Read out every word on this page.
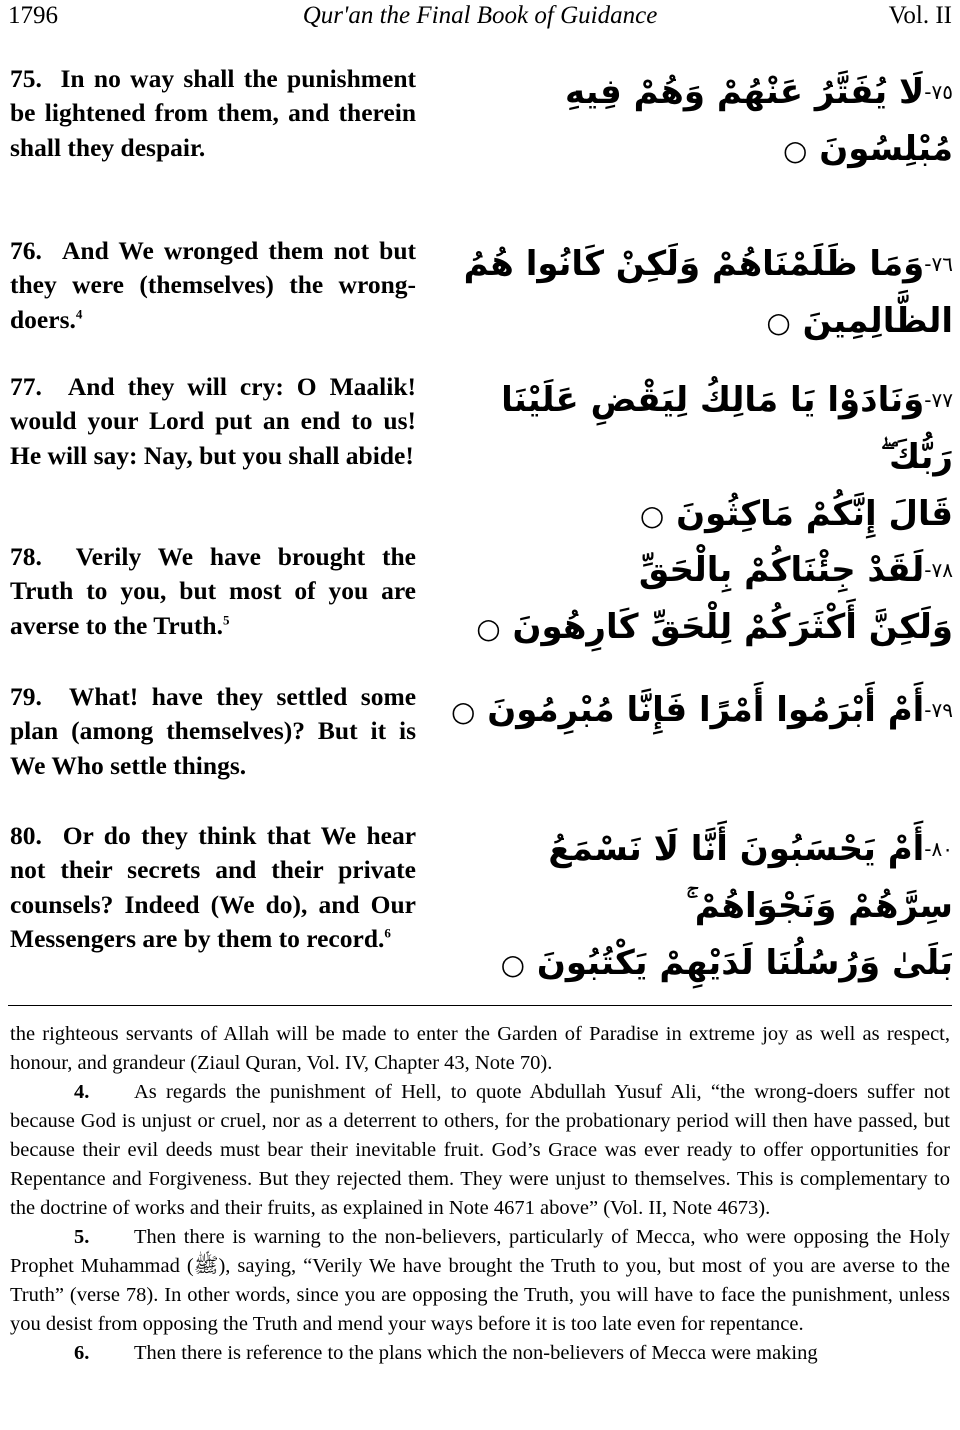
1796	Qur'an the Final Book of Guidance	Vol. II
75. In no way shall the punishment be lightened from them, and therein shall they despair.
$^{٧٥-}$لَا يُفَتَّرُ عَنْهُمْ وَهُمْ فِيهِ مُبْلِسُونَ ○
76. And We wronged them not but they were (themselves) the wrong-doers.$^4$
$^{٧٦-}$وَمَا ظَلَمْنَاهُمْ وَلَكِنْ كَانُوا هُمُ الظَّالِمِينَ ○
77. And they will cry: O Maalik! would your Lord put an end to us! He will say: Nay, but you shall abide!
$^{٧٧-}$وَنَادَوْا يَا مَالِكُ لِيَقْضِ عَلَيْنَا رَبُّكَ ۖ
قَالَ إِنَّكُمْ مَاكِثُونَ ○
78. Verily We have brought the Truth to you, but most of you are averse to the Truth.$^5$
$^{٧٨-}$لَقَدْ جِئْنَاكُمْ بِالْحَقِّ
وَلَكِنَّ أَكْثَرَكُمْ لِلْحَقِّ كَارِهُونَ ○
79. What! have they settled some plan (among themselves)? But it is We Who settle things.
$^{٧٩-}$أَمْ أَبْرَمُوا أَمْرًا فَإِنَّا مُبْرِمُونَ ○
80. Or do they think that We hear not their secrets and their private counsels? Indeed (We do), and Our Messengers are by them to record.$^6$
$^{٨٠-}$أَمْ يَحْسَبُونَ أَنَّا لَا نَسْمَعُ
سِرَّهُمْ وَنَجْوَاهُمْ ۚ
بَلَىٰ وَرُسُلُنَا لَدَيْهِمْ يَكْتُبُونَ ○

the righteous servants of Allah will be made to enter the Garden of Paradise in extreme joy as well as respect, honour, and grandeur (Ziaul Quran, Vol. IV, Chapter 43, Note 70).

4. As regards the punishment of Hell, to quote Abdullah Yusuf Ali, “the wrong-doers suffer not because God is unjust or cruel, nor as a deterrent to others, for the probationary period will then have passed, but because their evil deeds must bear their inevitable fruit. God’s Grace was ever ready to offer opportunities for Repentance and Forgiveness. But they rejected them. They were unjust to themselves. This is complementary to the doctrine of works and their fruits, as explained in Note 4671 above” (Vol. II, Note 4673).

5. Then there is warning to the non-believers, particularly of Mecca, who were opposing the Holy Prophet Muhammad (ﷺ), saying, “Verily We have brought the Truth to you, but most of you are averse to the Truth” (verse 78). In other words, since you are opposing the Truth, you will have to face the punishment, unless you desist from opposing the Truth and mend your ways before it is too late even for repentance.

6. Then there is reference to the plans which the non-believers of Mecca were making
